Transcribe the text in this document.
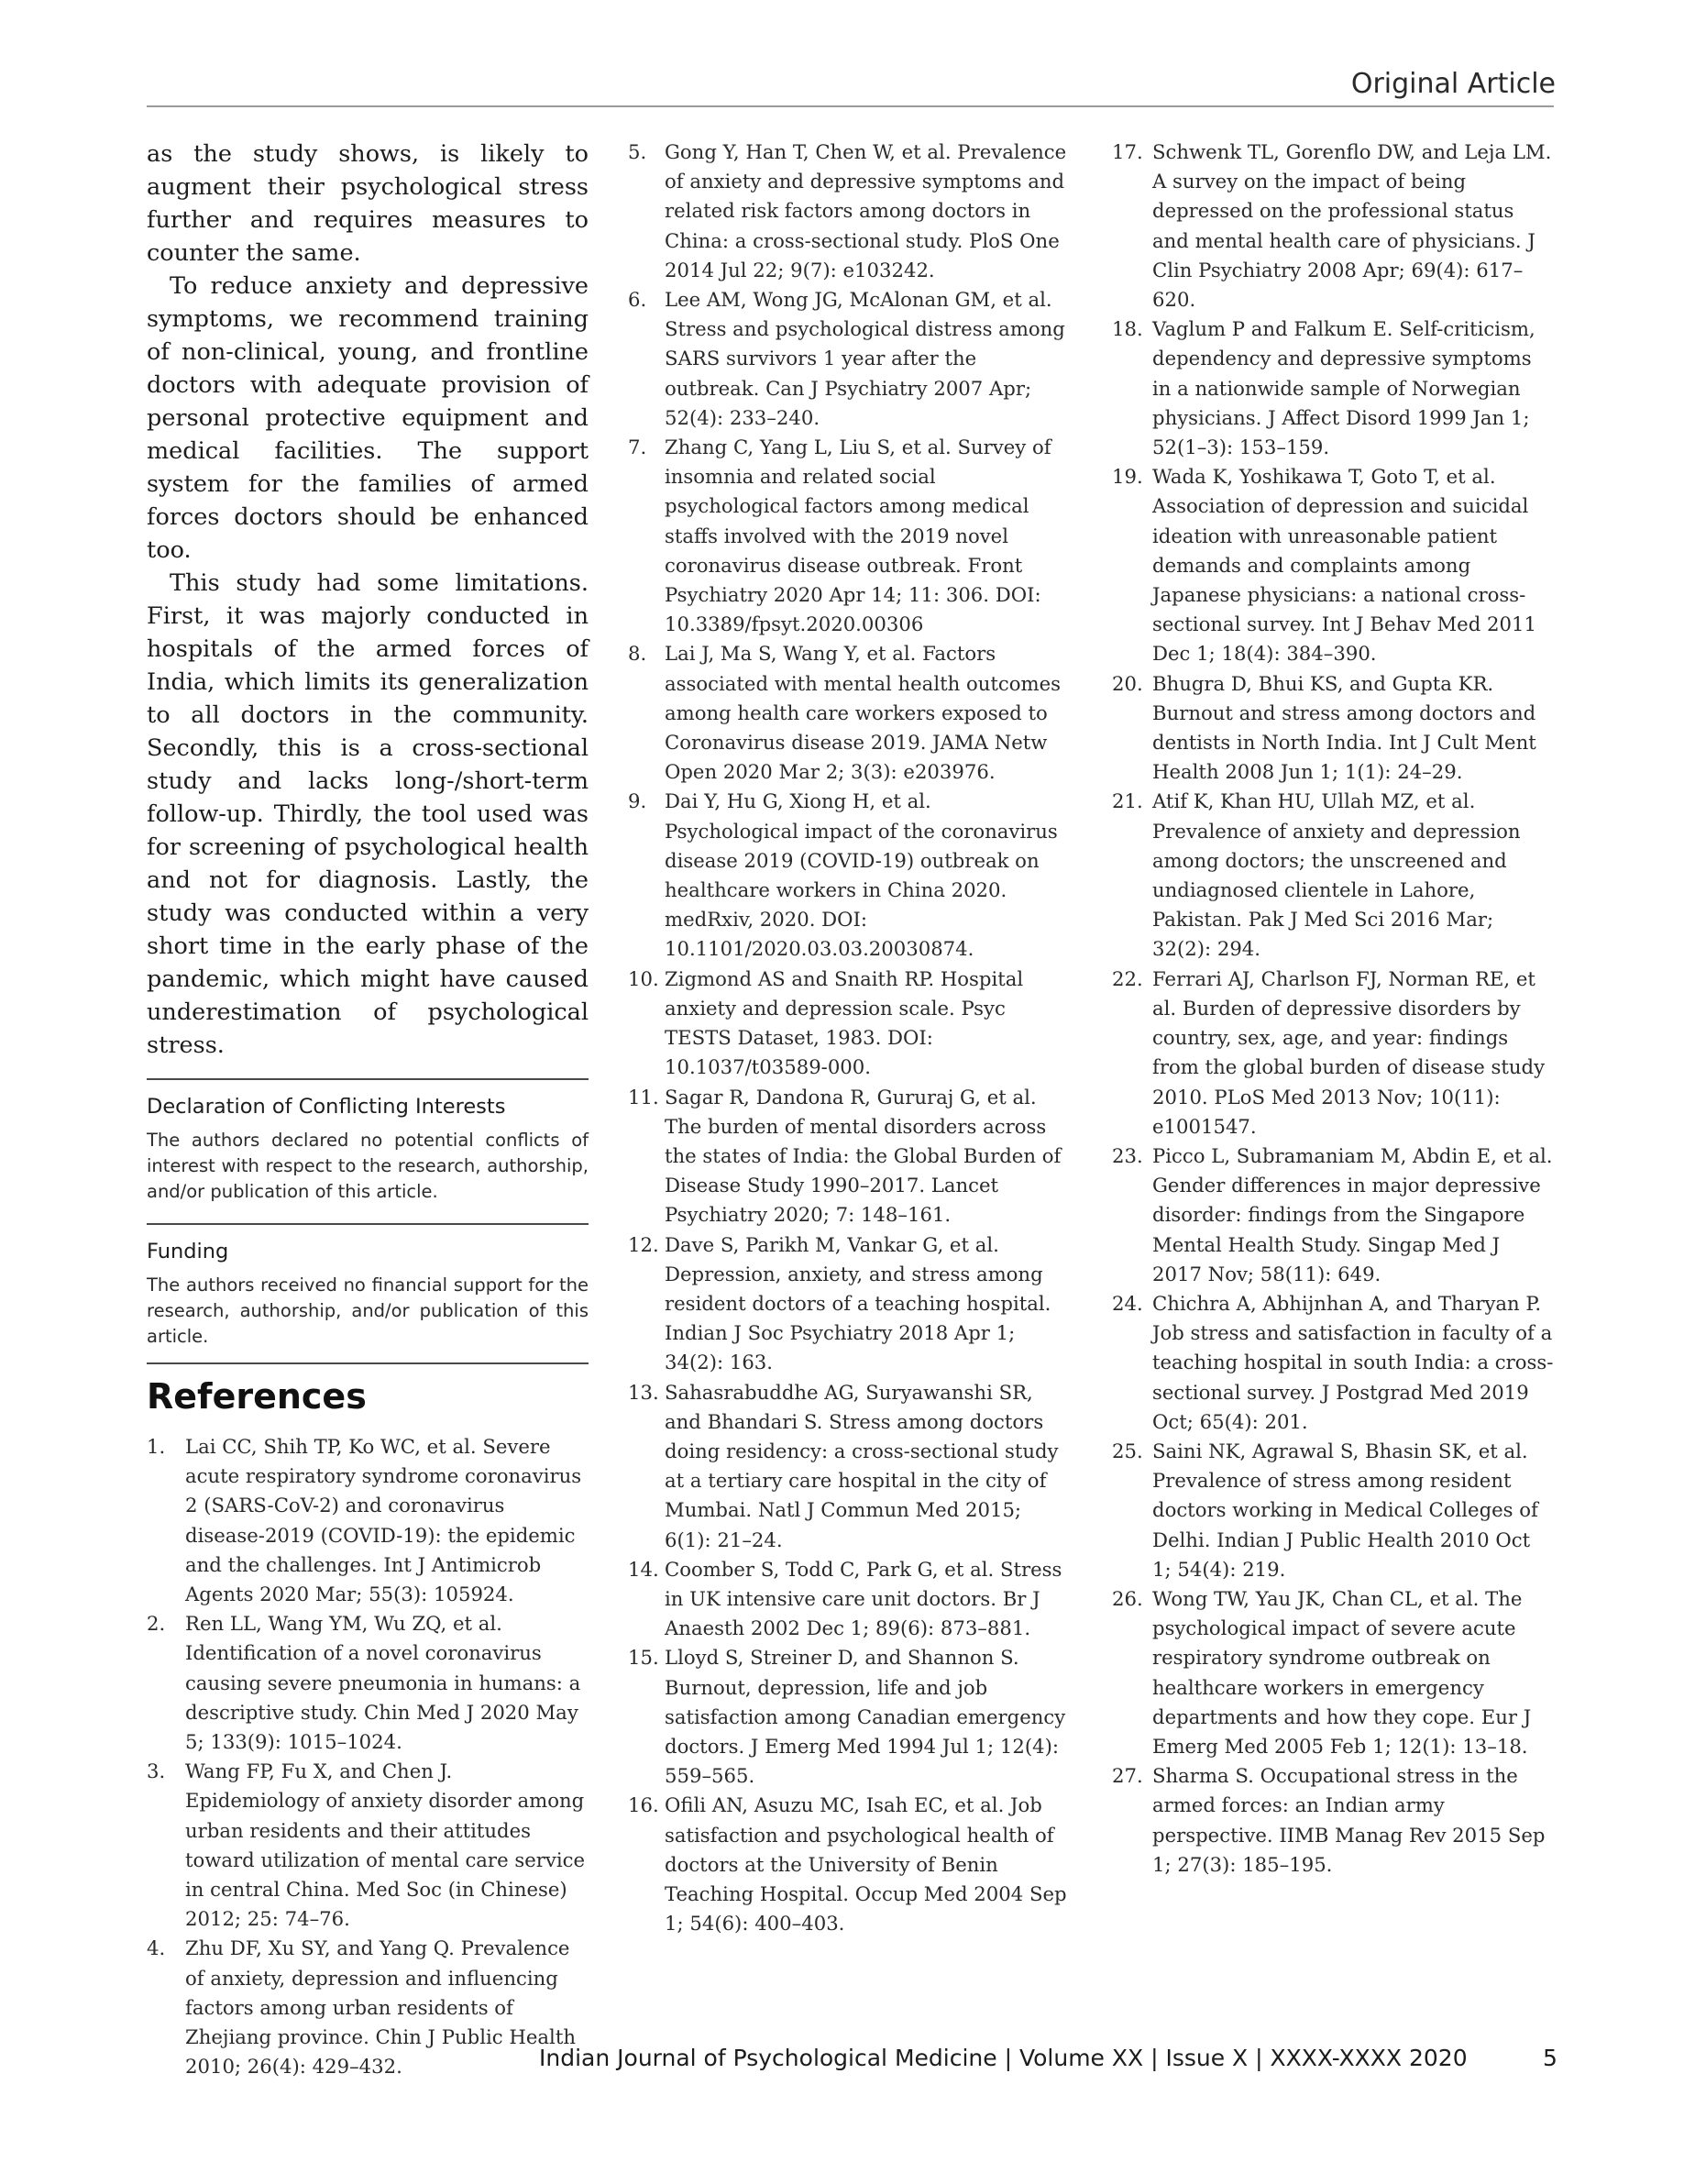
Original Article

as the study shows, is likely to augment their psychological stress further and requires measures to counter the same.

To reduce anxiety and depressive symptoms, we recommend training of non-clinical, young, and frontline doctors with adequate provision of personal protective equipment and medical facilities. The support system for the families of armed forces doctors should be enhanced too.

This study had some limitations. First, it was majorly conducted in hospitals of the armed forces of India, which limits its generalization to all doctors in the community. Secondly, this is a cross-sectional study and lacks long-/short-term follow-up. Thirdly, the tool used was for screening of psychological health and not for diagnosis. Lastly, the study was conducted within a very short time in the early phase of the pandemic, which might have caused underestimation of psychological stress.

Declaration of Conflicting Interests

The authors declared no potential conflicts of interest with respect to the research, authorship, and/or publication of this article.

Funding

The authors received no financial support for the research, authorship, and/or publication of this article.

References

1.	Lai CC, Shih TP, Ko WC, et al. Severe acute respiratory syndrome coronavirus 2 (SARS-CoV-2) and coronavirus disease-2019 (COVID-19): the epidemic and the challenges. Int J Antimicrob Agents 2020 Mar; 55(3): 105924.
2.	Ren LL, Wang YM, Wu ZQ, et al. Identification of a novel coronavirus causing severe pneumonia in humans: a descriptive study. Chin Med J 2020 May 5; 133(9): 1015–1024.
3.	Wang FP, Fu X, and Chen J. Epidemiology of anxiety disorder among urban residents and their attitudes toward utilization of mental care service in central China. Med Soc (in Chinese) 2012; 25: 74–76.
4.	Zhu DF, Xu SY, and Yang Q. Prevalence of anxiety, depression and influencing factors among urban residents of Zhejiang province. Chin J Public Health 2010; 26(4): 429–432.
5. Gong Y, Han T, Chen W, et al. Prevalence of anxiety and depressive symptoms and related risk factors among doctors in China: a cross-sectional study. PloS One 2014 Jul 22; 9(7): e103242.
6. Lee AM, Wong JG, McAlonan GM, et al. Stress and psychological distress among SARS survivors 1 year after the outbreak. Can J Psychiatry 2007 Apr; 52(4): 233–240.
7. Zhang C, Yang L, Liu S, et al. Survey of insomnia and related social psychological factors among medical staffs involved with the 2019 novel coronavirus disease outbreak. Front Psychiatry 2020 Apr 14; 11: 306. DOI: 10.3389/fpsyt.2020.00306
8. Lai J, Ma S, Wang Y, et al. Factors associated with mental health outcomes among health care workers exposed to Coronavirus disease 2019. JAMA Netw Open 2020 Mar 2; 3(3): e203976.
9. Dai Y, Hu G, Xiong H, et al. Psychological impact of the coronavirus disease 2019 (COVID-19) outbreak on healthcare workers in China 2020. medRxiv, 2020. DOI: 10.1101/2020.03.03.20030874.
10. Zigmond AS and Snaith RP. Hospital anxiety and depression scale. Psyc TESTS Dataset, 1983. DOI: 10.1037/t03589-000.
11. Sagar R, Dandona R, Gururaj G, et al. The burden of mental disorders across the states of India: the Global Burden of Disease Study 1990–2017. Lancet Psychiatry 2020; 7: 148–161.
12. Dave S, Parikh M, Vankar G, et al. Depression, anxiety, and stress among resident doctors of a teaching hospital. Indian J Soc Psychiatry 2018 Apr 1; 34(2): 163.
13. Sahasrabuddhe AG, Suryawanshi SR, and Bhandari S. Stress among doctors doing residency: a cross-sectional study at a tertiary care hospital in the city of Mumbai. Natl J Commun Med 2015; 6(1): 21–24.
14. Coomber S, Todd C, Park G, et al. Stress in UK intensive care unit doctors. Br J Anaesth 2002 Dec 1; 89(6): 873–881.
15. Lloyd S, Streiner D, and Shannon S. Burnout, depression, life and job satisfaction among Canadian emergency doctors. J Emerg Med 1994 Jul 1; 12(4): 559–565.
16. Ofili AN, Asuzu MC, Isah EC, et al. Job satisfaction and psychological health of doctors at the University of Benin Teaching Hospital. Occup Med 2004 Sep 1; 54(6): 400–403.
17. Schwenk TL, Gorenflo DW, and Leja LM. A survey on the impact of being depressed on the professional status and mental health care of physicians. J Clin Psychiatry 2008 Apr; 69(4): 617–620.
18. Vaglum P and Falkum E. Self-criticism, dependency and depressive symptoms in a nationwide sample of Norwegian physicians. J Affect Disord 1999 Jan 1; 52(1–3): 153–159.
19. Wada K, Yoshikawa T, Goto T, et al. Association of depression and suicidal ideation with unreasonable patient demands and complaints among Japanese physicians: a national cross-sectional survey. Int J Behav Med 2011 Dec 1; 18(4): 384–390.
20. Bhugra D, Bhui KS, and Gupta KR. Burnout and stress among doctors and dentists in North India. Int J Cult Ment Health 2008 Jun 1; 1(1): 24–29.
21. Atif K, Khan HU, Ullah MZ, et al. Prevalence of anxiety and depression among doctors; the unscreened and undiagnosed clientele in Lahore, Pakistan. Pak J Med Sci 2016 Mar; 32(2): 294.
22. Ferrari AJ, Charlson FJ, Norman RE, et al. Burden of depressive disorders by country, sex, age, and year: findings from the global burden of disease study 2010. PLoS Med 2013 Nov; 10(11): e1001547.
23. Picco L, Subramaniam M, Abdin E, et al. Gender differences in major depressive disorder: findings from the Singapore Mental Health Study. Singap Med J 2017 Nov; 58(11): 649.
24. Chichra A, Abhijnhan A, and Tharyan P. Job stress and satisfaction in faculty of a teaching hospital in south India: a cross-sectional survey. J Postgrad Med 2019 Oct; 65(4): 201.
25. Saini NK, Agrawal S, Bhasin SK, et al. Prevalence of stress among resident doctors working in Medical Colleges of Delhi. Indian J Public Health 2010 Oct 1; 54(4): 219.
26. Wong TW, Yau JK, Chan CL, et al. The psychological impact of severe acute respiratory syndrome outbreak on healthcare workers in emergency departments and how they cope. Eur J Emerg Med 2005 Feb 1; 12(1): 13–18.
27. Sharma S. Occupational stress in the armed forces: an Indian army perspective. IIMB Manag Rev 2015 Sep 1; 27(3): 185–195.
Indian Journal of Psychological Medicine | Volume XX | Issue X | XXXX-XXXX 2020	5
